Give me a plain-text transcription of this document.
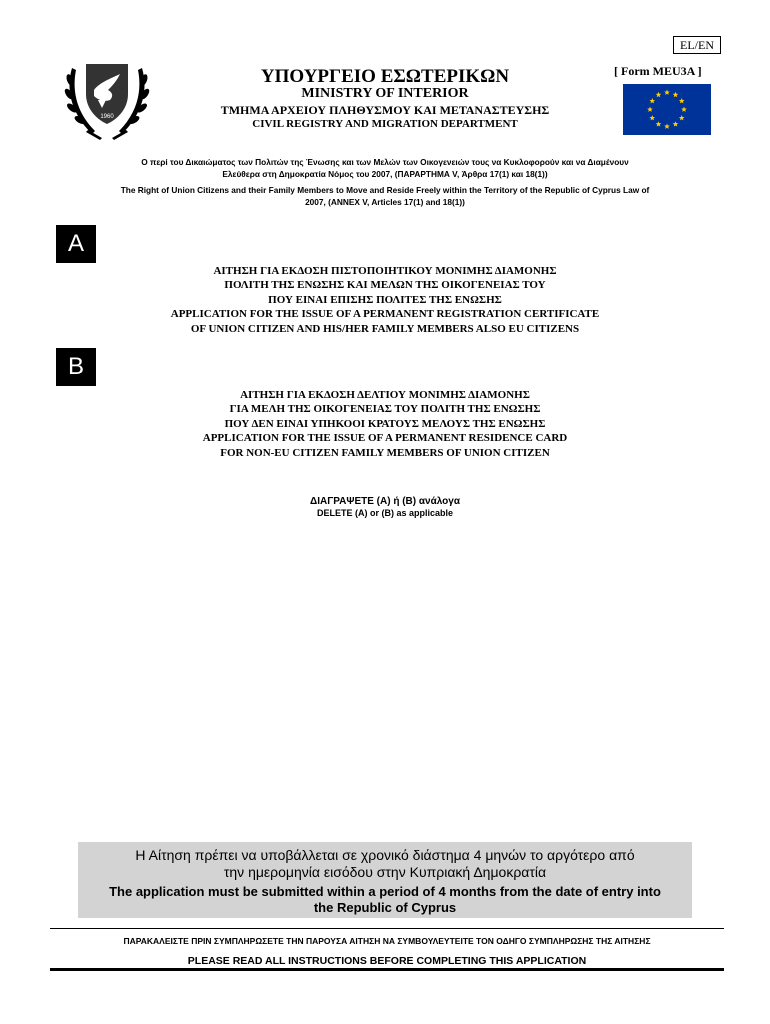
EL/EN
1960
ΥΠΟΥΡΓΕΙΟ ΕΣΩΤΕΡΙΚΩΝ
MINISTRY OF INTERIOR
ΤΜΗΜΑ ΑΡΧΕΙΟΥ ΠΛΗΘΥΣΜΟΥ ΚΑΙ ΜΕΤΑΝΑΣΤΕΥΣΗΣ
CIVIL REGISTRY AND MIGRATION DEPARTMENT
[ Form MEU3A ]
Ο περί του Δικαιώματος των Πολιτών της Ένωσης και των Μελών των Οικογενειών τους να Κυκλοφορούν και να Διαμένουν
Ελεύθερα στη Δημοκρατία Νόμος του 2007, (ΠΑΡΑΡΤΗΜΑ V, Άρθρα 17(1) και 18(1))
The Right of Union Citizens and their Family Members to Move and Reside Freely within the Territory of the Republic of Cyprus Law of
2007, (ANNEX V, Articles 17(1) and 18(1))
A
ΑΙΤΗΣΗ ΓΙΑ ΕΚΔΟΣΗ ΠΙΣΤΟΠΟΙΗΤΙΚΟΥ ΜΟΝΙΜΗΣ ΔΙΑΜΟΝΗΣ
ΠΟΛΙΤΗ ΤΗΣ ΕΝΩΣΗΣ ΚΑΙ ΜΕΛΩΝ ΤΗΣ ΟΙΚΟΓΕΝΕΙΑΣ ΤΟΥ
ΠΟΥ ΕΙΝΑΙ ΕΠΙΣΗΣ ΠΟΛΙΤΕΣ ΤΗΣ ΕΝΩΣΗΣ
APPLICATION FOR THE ISSUE OF A PERMANENT REGISTRATION CERTIFICATE
OF UNION CITIZEN AND HIS/HER FAMILY MEMBERS ALSO EU CITIZENS
B
ΑΙΤΗΣΗ ΓΙΑ ΕΚΔΟΣΗ ΔΕΛΤΙΟΥ ΜΟΝΙΜΗΣ ΔΙΑΜΟΝΗΣ
ΓΙΑ ΜΕΛΗ ΤΗΣ ΟΙΚΟΓΕΝΕΙΑΣ ΤΟΥ ΠΟΛΙΤΗ ΤΗΣ ΕΝΩΣΗΣ
ΠΟΥ ΔΕΝ ΕΙΝΑΙ ΥΠΗΚΟΟΙ ΚΡΑΤΟΥΣ ΜΕΛΟΥΣ ΤΗΣ ΕΝΩΣΗΣ
APPLICATION FOR THE ISSUE OF A PERMANENT RESIDENCE CARD
FOR NON-EU CITIZEN FAMILY MEMBERS OF UNION CITIZEN
ΔΙΑΓΡΑΨΕΤΕ (Α) ή (Β) ανάλογα
DELETE (A) or (B) as applicable
Η Αίτηση πρέπει να υποβάλλεται σε χρονικό διάστημα 4 μηνών το αργότερο από
την ημερομηνία εισόδου στην Κυπριακή Δημοκρατία
The application must be submitted within a period of 4 months from the date of entry into
the Republic of Cyprus
ΠΑΡΑΚΑΛΕΙΣΤΕ ΠΡΙΝ ΣΥΜΠΛΗΡΩΣΕΤΕ ΤΗΝ ΠΑΡΟΥΣΑ ΑΙΤΗΣΗ ΝΑ ΣΥΜΒΟΥΛΕΥΤΕΙΤΕ ΤΟΝ ΟΔΗΓΟ ΣΥΜΠΛΗΡΩΣΗΣ ΤΗΣ ΑΙΤΗΣΗΣ
PLEASE READ ALL INSTRUCTIONS BEFORE COMPLETING THIS APPLICATION
